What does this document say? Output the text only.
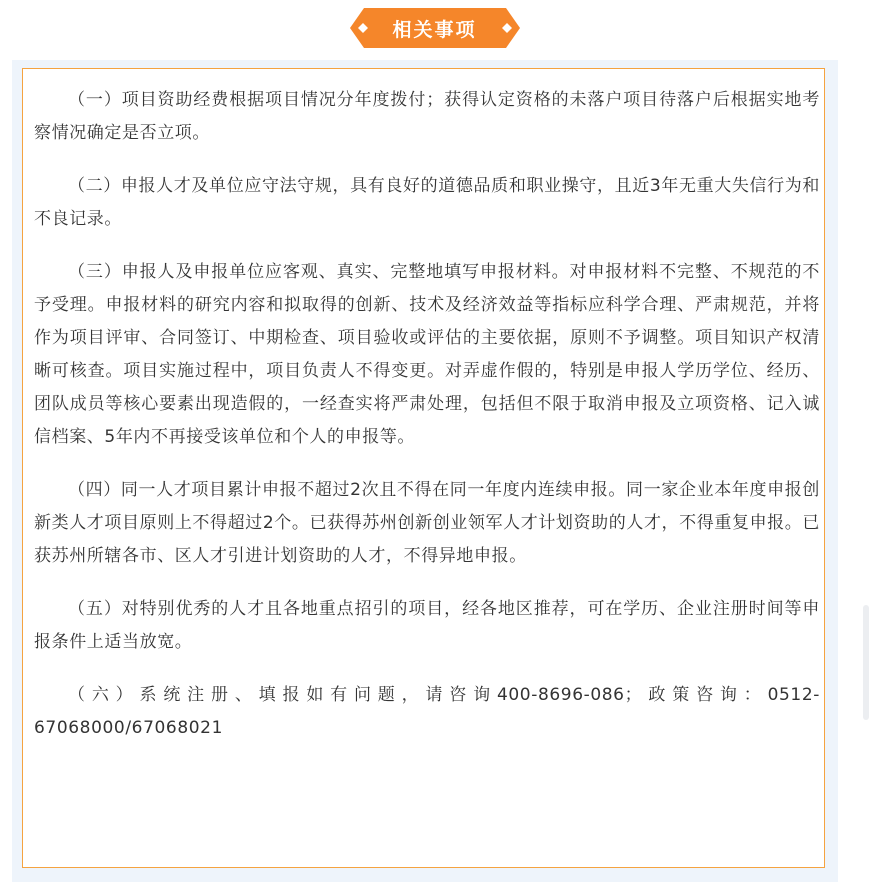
相关事项

（一）项目资助经费根据项目情况分年度拨付；获得认定资格的未落户项目待落户后根据实地考察情况确定是否立项。

（二）申报人才及单位应守法守规，具有良好的道德品质和职业操守，且近3年无重大失信行为和不良记录。

（三）申报人及申报单位应客观、真实、完整地填写申报材料。对申报材料不完整、不规范的不予受理。申报材料的研究内容和拟取得的创新、技术及经济效益等指标应科学合理、严肃规范，并将作为项目评审、合同签订、中期检查、项目验收或评估的主要依据，原则不予调整。项目知识产权清晰可核查。项目实施过程中，项目负责人不得变更。对弄虚作假的，特别是申报人学历学位、经历、团队成员等核心要素出现造假的，一经查实将严肃处理，包括但不限于取消申报及立项资格、记入诚信档案、5年内不再接受该单位和个人的申报等。

（四）同一人才项目累计申报不超过2次且不得在同一年度内连续申报。同一家企业本年度申报创新类人才项目原则上不得超过2个。已获得苏州创新创业领军人才计划资助的人才，不得重复申报。已获苏州所辖各市、区人才引进计划资助的人才，不得异地申报。

（五）对特别优秀的人才且各地重点招引的项目，经各地区推荐，可在学历、企业注册时间等申报条件上适当放宽。

（六）系统注册、填报如有问题，请咨询400-8696-086；政策咨询：0512-67068000/67068021
